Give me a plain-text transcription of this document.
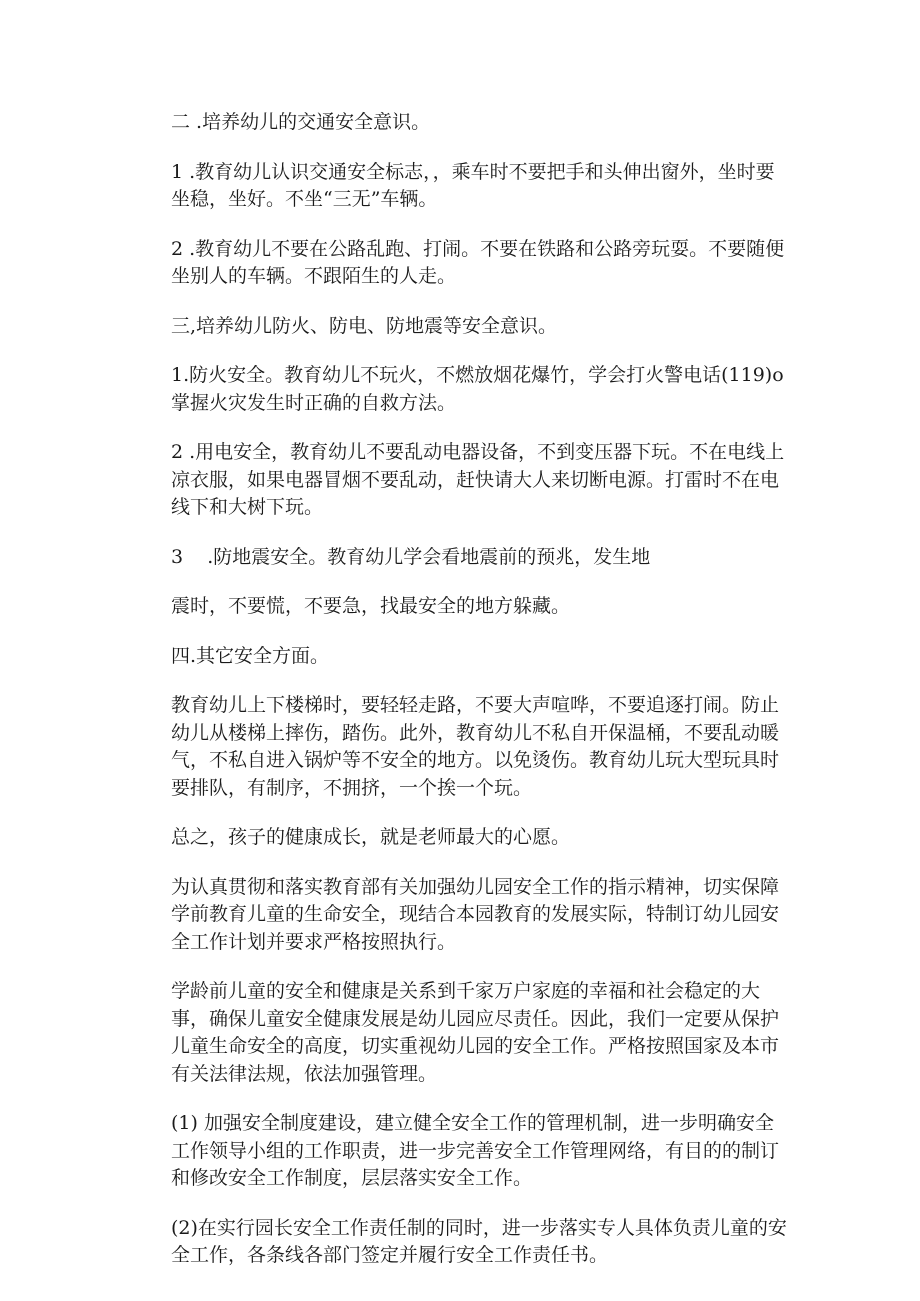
二 .培养幼儿的交通安全意识。

1 .教育幼儿认识交通安全标志，，乘车时不要把手和头伸出窗外，坐时要坐稳，坐好。不坐“三无”车辆。

2 .教育幼儿不要在公路乱跑、打闹。不要在铁路和公路旁玩耍。不要随便坐别人的车辆。不跟陌生的人走。

三,培养幼儿防火、防电、防地震等安全意识。

1.防火安全。教育幼儿不玩火，不燃放烟花爆竹，学会打火警电话(119)o 掌握火灾发生时正确的自救方法。

2 .用电安全，教育幼儿不要乱动电器设备，不到变压器下玩。不在电线上凉衣服，如果电器冒烟不要乱动，赶快请大人来切断电源。打雷时不在电线下和大树下玩。

3    .防地震安全。教育幼儿学会看地震前的预兆，发生地

震时，不要慌，不要急，找最安全的地方躲藏。

四.其它安全方面。

教育幼儿上下楼梯时，要轻轻走路，不要大声喧哗，不要追逐打闹。防止幼儿从楼梯上摔伤，踏伤。此外，教育幼儿不私自开保温桶，不要乱动暖气，不私自进入锅炉等不安全的地方。以免烫伤。教育幼儿玩大型玩具时要排队，有制序，不拥挤，一个挨一个玩。

总之，孩子的健康成长，就是老师最大的心愿。

为认真贯彻和落实教育部有关加强幼儿园安全工作的指示精神，切实保障学前教育儿童的生命安全，现结合本园教育的发展实际，特制订幼儿园安全工作计划并要求严格按照执行。

学龄前儿童的安全和健康是关系到千家万户家庭的幸福和社会稳定的大事，确保儿童安全健康发展是幼儿园应尽责任。因此，我们一定要从保护儿童生命安全的高度，切实重视幼儿园的安全工作。严格按照国家及本市有关法律法规，依法加强管理。

(1) 加强安全制度建设，建立健全安全工作的管理机制，进一步明确安全工作领导小组的工作职责，进一步完善安全工作管理网络，有目的的制订和修改安全工作制度，层层落实安全工作。

(2)在实行园长安全工作责任制的同时，进一步落实专人具体负责儿童的安全工作，各条线各部门签定并履行安全工作责任书。
